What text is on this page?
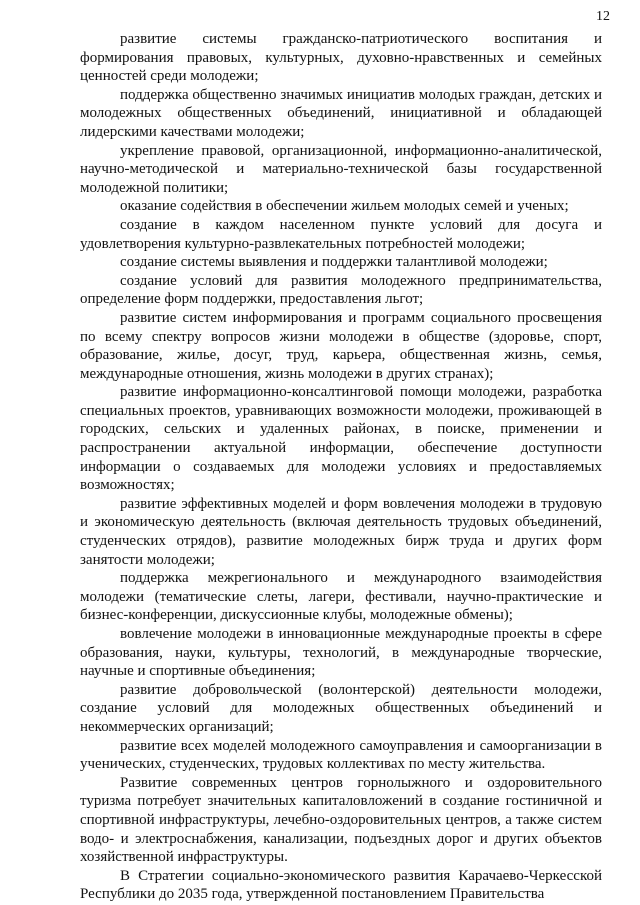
12

развитие системы гражданско-патриотического воспитания и формирования правовых, культурных, духовно-нравственных и семейных ценностей среди молодежи;

поддержка общественно значимых инициатив молодых граждан, детских и молодежных общественных объединений, инициативной и обладающей лидерскими качествами молодежи;

укрепление правовой, организационной, информационно-аналитической, научно-методической и материально-технической базы государственной молодежной политики;

оказание содействия в обеспечении жильем молодых семей и ученых;

создание в каждом населенном пункте условий для досуга и удовлетворения культурно-развлекательных потребностей молодежи;

создание системы выявления и поддержки талантливой молодежи;

создание условий для развития молодежного предпринимательства, определение форм поддержки, предоставления льгот;

развитие систем информирования и программ социального просвещения по всему спектру вопросов жизни молодежи в обществе (здоровье, спорт, образование, жилье, досуг, труд, карьера, общественная жизнь, семья, международные отношения, жизнь молодежи в других странах);

развитие информационно-консалтинговой помощи молодежи, разработка специальных проектов, уравнивающих возможности молодежи, проживающей в городских, сельских и удаленных районах, в поиске, применении и распространении актуальной информации, обеспечение доступности информации о создаваемых для молодежи условиях и предоставляемых возможностях;

развитие эффективных моделей и форм вовлечения молодежи в трудовую и экономическую деятельность (включая деятельность трудовых объединений, студенческих отрядов), развитие молодежных бирж труда и других форм занятости молодежи;

поддержка межрегионального и международного взаимодействия молодежи (тематические слеты, лагери, фестивали, научно-практические и бизнес-конференции, дискуссионные клубы, молодежные обмены);

вовлечение молодежи в инновационные международные проекты в сфере образования, науки, культуры, технологий, в международные творческие, научные и спортивные объединения;

развитие добровольческой (волонтерской) деятельности молодежи, создание условий для молодежных общественных объединений и некоммерческих организаций;

развитие всех моделей молодежного самоуправления и самоорганизации в ученических, студенческих, трудовых коллективах по месту жительства.

Развитие современных центров горнолыжного и оздоровительного туризма потребует значительных капиталовложений в создание гостиничной и спортивной инфраструктуры, лечебно-оздоровительных центров, а также систем водо- и электроснабжения, канализации, подъездных дорог и других объектов хозяйственной инфраструктуры.

В Стратегии социально-экономического развития Карачаево-Черкесской Республики до 2035 года, утвержденной постановлением Правительства
